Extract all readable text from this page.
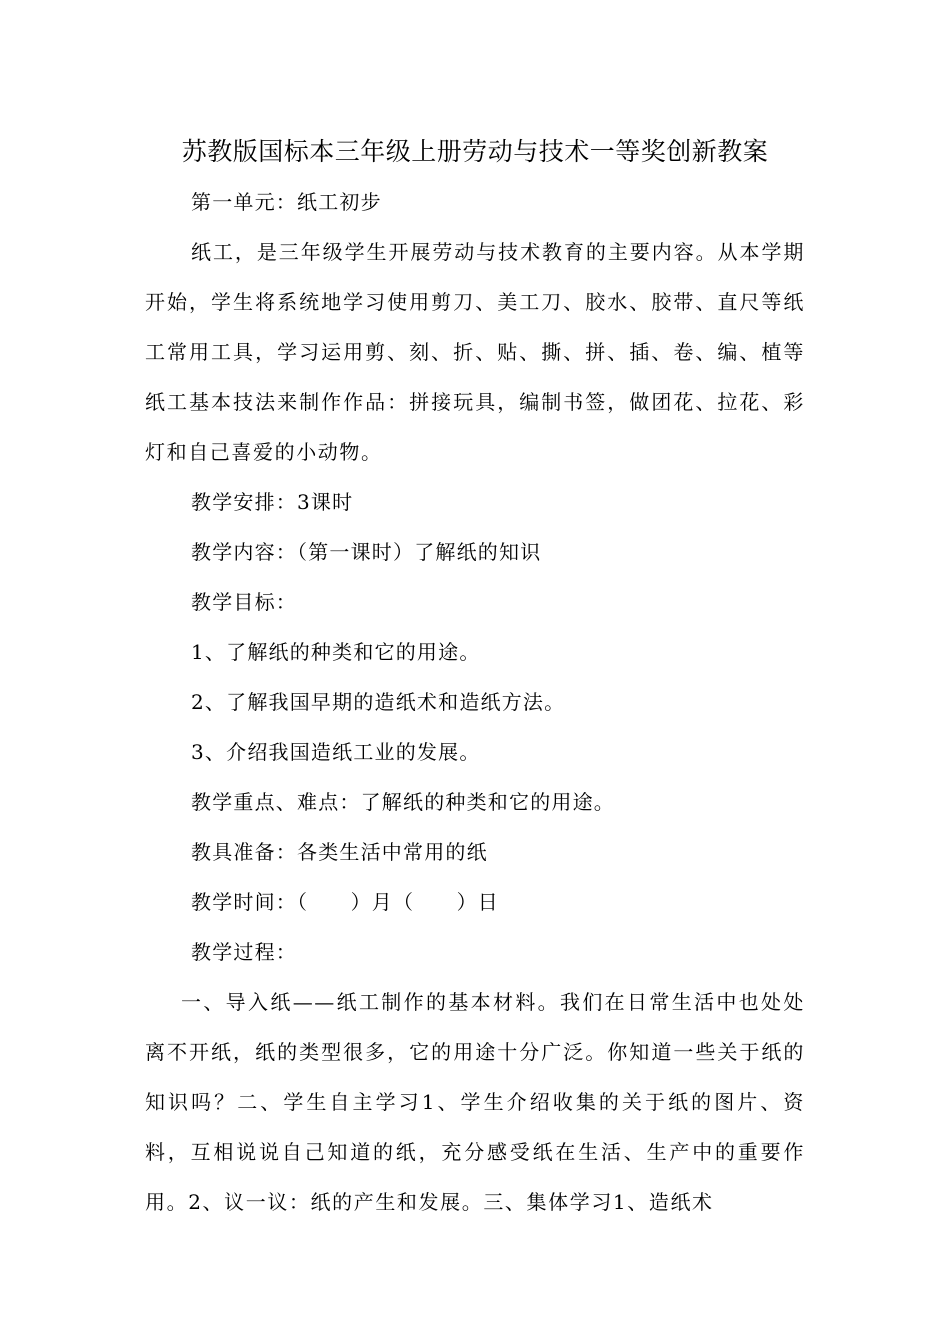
苏教版国标本三年级上册劳动与技术一等奖创新教案

第一单元：纸工初步

纸工，是三年级学生开展劳动与技术教育的主要内容。从本学期开始，学生将系统地学习使用剪刀、美工刀、胶水、胶带、直尺等纸工常用工具，学习运用剪、刻、折、贴、撕、拼、插、卷、编、植等纸工基本技法来制作作品：拼接玩具，编制书签，做团花、拉花、彩灯和自己喜爱的小动物。

教学安排：3课时

教学内容：（第一课时）了解纸的知识

教学目标：

1、了解纸的种类和它的用途。

2、了解我国早期的造纸术和造纸方法。

3、介绍我国造纸工业的发展。

教学重点、难点：了解纸的种类和它的用途。

教具准备：各类生活中常用的纸

教学时间：（　　）月（　　）日

教学过程：

一、导入纸——纸工制作的基本材料。我们在日常生活中也处处离不开纸，纸的类型很多，它的用途十分广泛。你知道一些关于纸的知识吗？二、学生自主学习1、学生介绍收集的关于纸的图片、资料，互相说说自己知道的纸，充分感受纸在生活、生产中的重要作用。2、议一议：纸的产生和发展。三、集体学习1、造纸术
